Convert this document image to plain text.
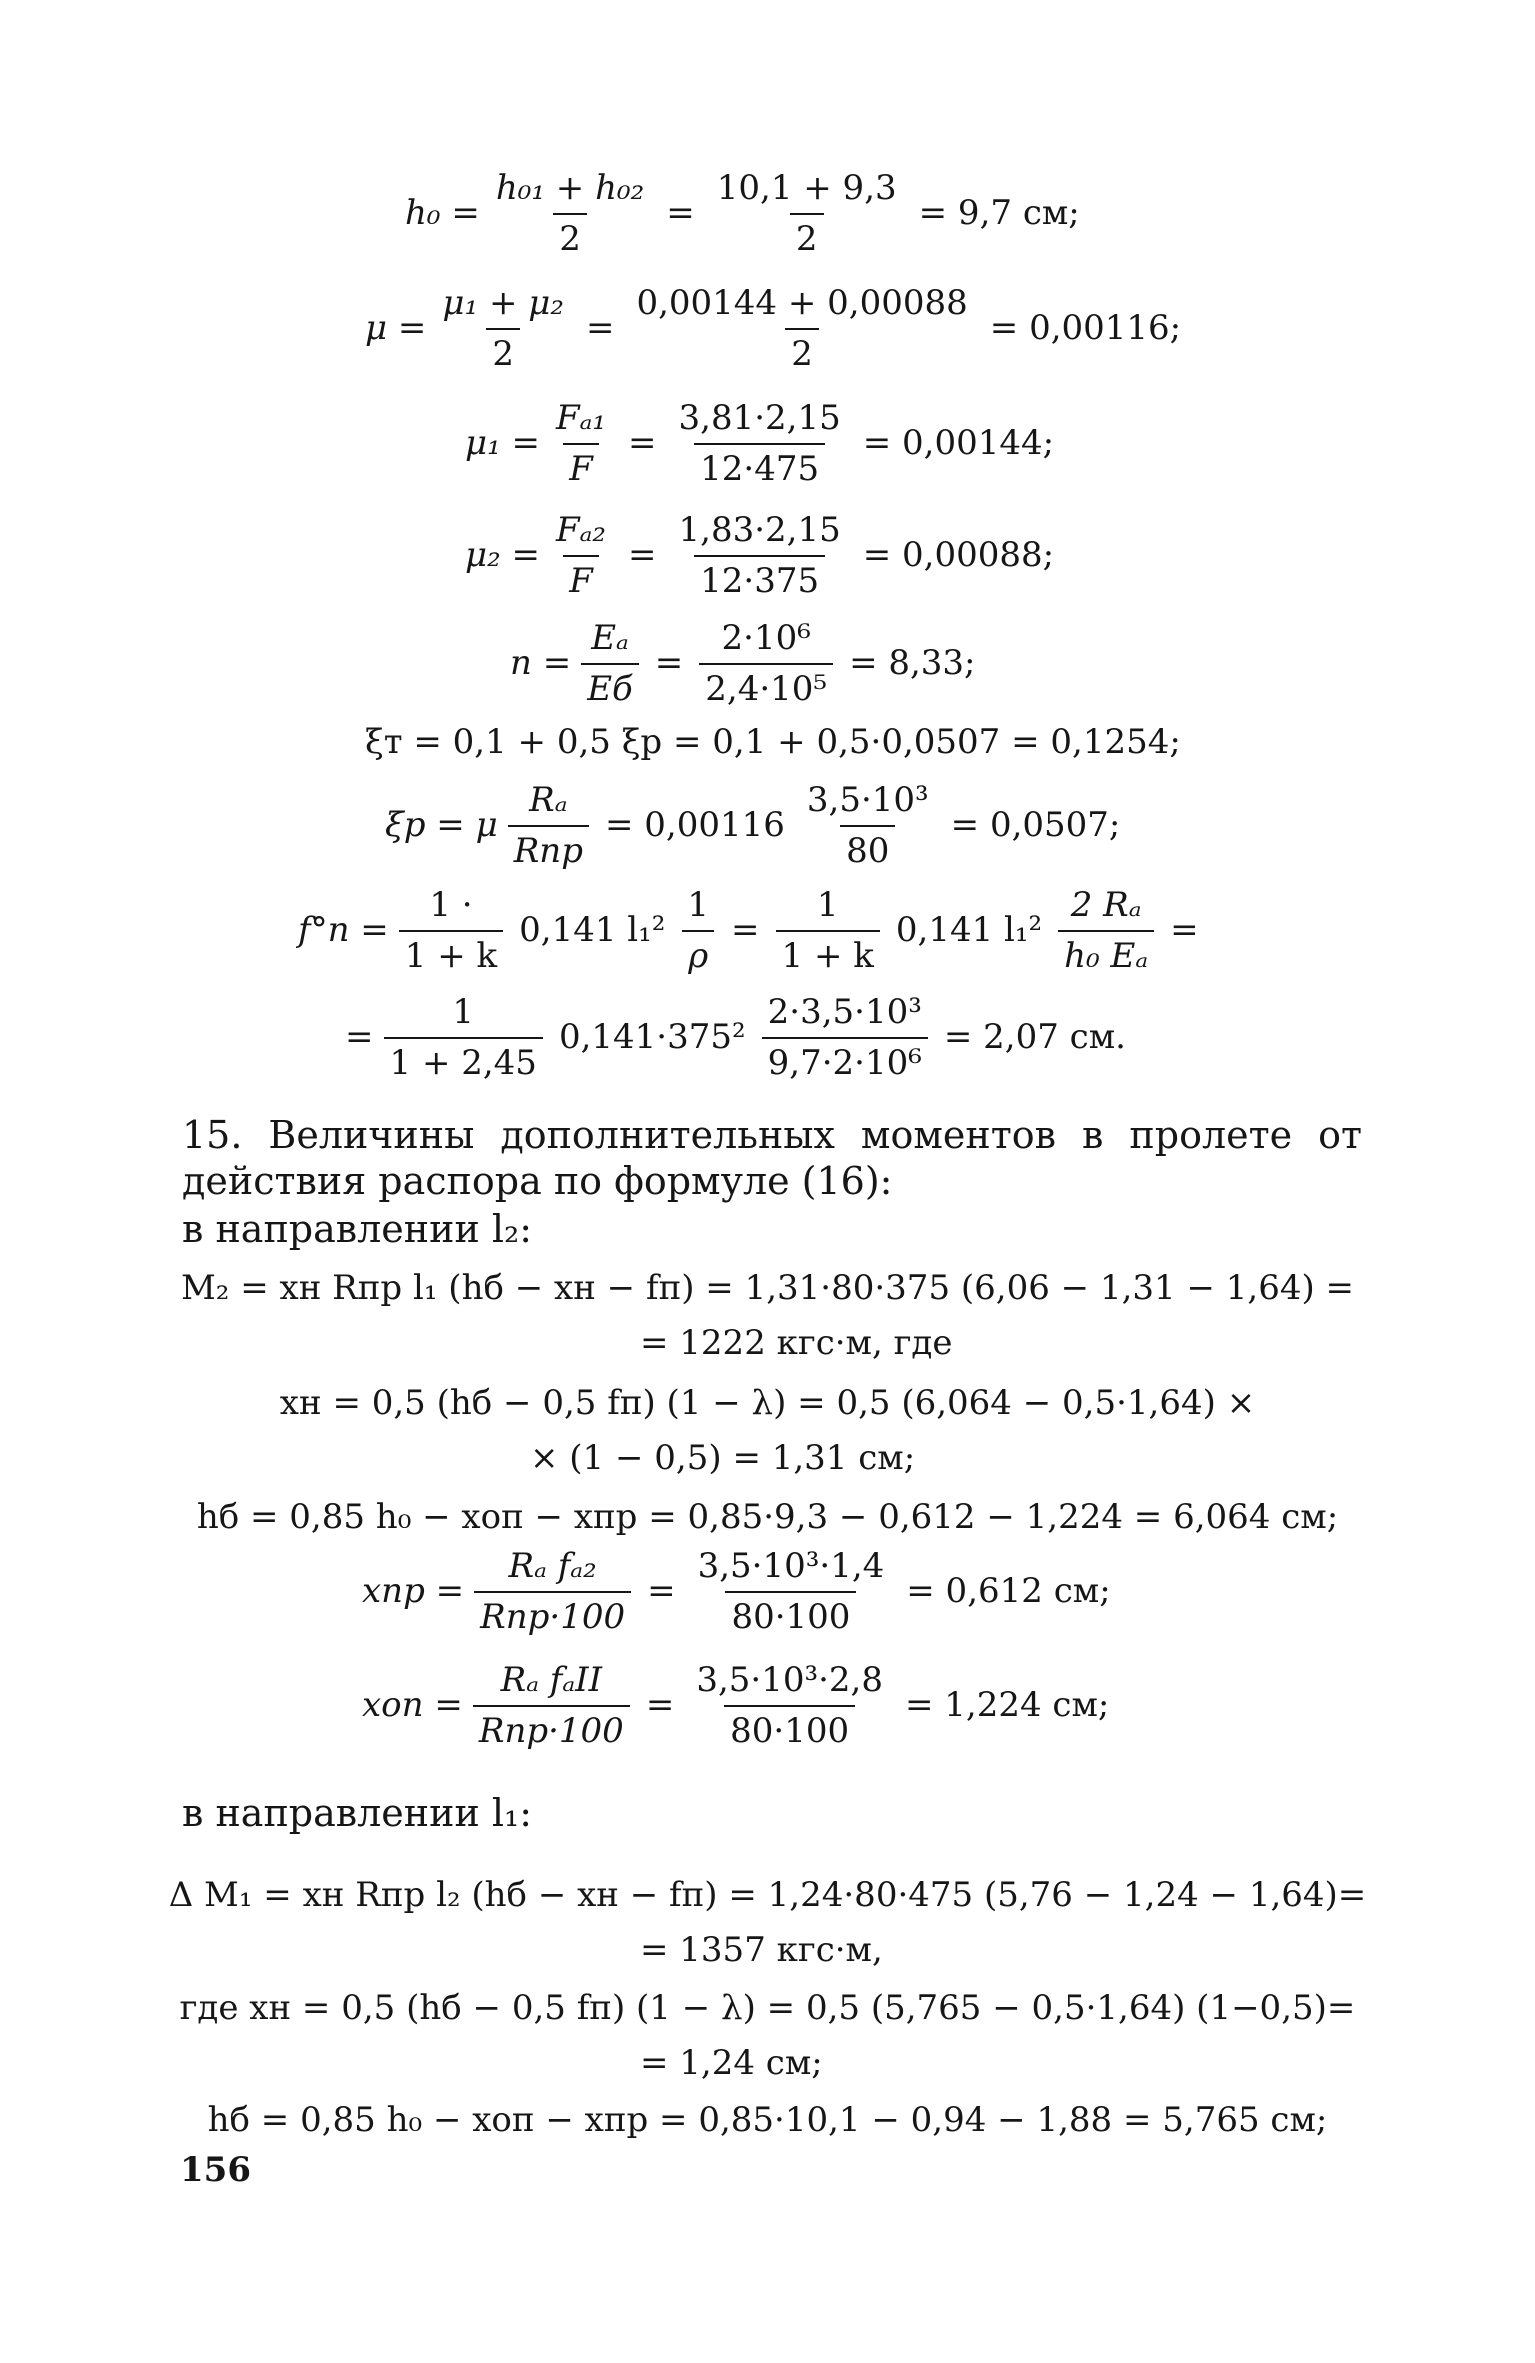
$h_0 = \frac{\text{h₀₁ + h₀₂}}{2} = \frac{10,1 + 9,3}{2} = 9,7$ см;
$\mu = \frac{\text{μ₁ + μ₂}}{2} = \frac{0,00144 + 0,00088}{2} = 0,00116$;
$\mu_1 = \frac{\text{Fₐ₁}}{F} = \frac{3,81\cdot 2,15}{12\cdot 475} = 0,00144$;
$\mu_2 = \frac{\text{Fₐ₂}}{F} = \frac{1,83\cdot 2,15}{12\cdot 375} = 0,00088$;
$n = \frac{\text{Eₐ}}{Eб} = \frac{\text{2·10⁶}}{\text{2,4·10⁵}} = 8,33$;
ξт = 0,1 + 0,5 ξр = 0,1 + 0,5·0,0507 = 0,1254;
ξр = μ $\frac{\text{Rₐ}}{\text{Rпр}} = 0,00116 \frac{\text{3,5·10³}}{80} = 0,0507$;
$f^\circ п = \frac{1 \cdot}{1 + k} 0,141$ $l_1^2 \frac{1}{\rho} = \frac{1}{1 + k} 0,141$ $l_1^2 \frac{\text{2 Rₐ}}{\text{h₀ Eₐ}}$ =
= $\frac{1}{1 + 2,45} 0,141\cdot 375^2 \frac{\text{2·3,5·10³}}{\text{9,7·2·10⁶}} = 2,07$ см.
15. Величины дополнительных моментов в пролете от действия распора по формуле (16):
в направлении l₂:
M₂ = xн Rпр l₁ (hб − xн − fп) = 1,31·80·375 (6,06 − 1,31 − 1,64) =
= 1222 кгс·м, где
xн = 0,5 (hб − 0,5 fп) (1 − λ) = 0,5 (6,064 − 0,5·1,64) ×
× (1 − 0,5) = 1,31 см;
hб = 0,85 h₀ − xоп − xпр = 0,85·9,3 − 0,612 − 1,224 = 6,064 см;
xпр = $\frac{\text{Rₐ fₐ₂}}{\text{Rпр·100}} = \frac{\text{3,5·10³·1,4}}{80\cdot 100} = 0,612$ см;
xоп = $\frac{\text{Rₐ fₐII}}{\text{Rпр·100}} = \frac{\text{3,5·10³·2,8}}{80\cdot 100} = 1,224$ см;
в направлении l₁:
Δ M₁ = xн Rпр l₂ (hб − xн − fп) = 1,24·80·475 (5,76 − 1,24 − 1,64)=
= 1357 кгс·м,
где xн = 0,5 (hб − 0,5 fп) (1 − λ) = 0,5 (5,765 − 0,5·1,64) (1−0,5)=
= 1,24 см;
hб = 0,85 h₀ − xоп − xпр = 0,85·10,1 − 0,94 − 1,88 = 5,765 см;
156
